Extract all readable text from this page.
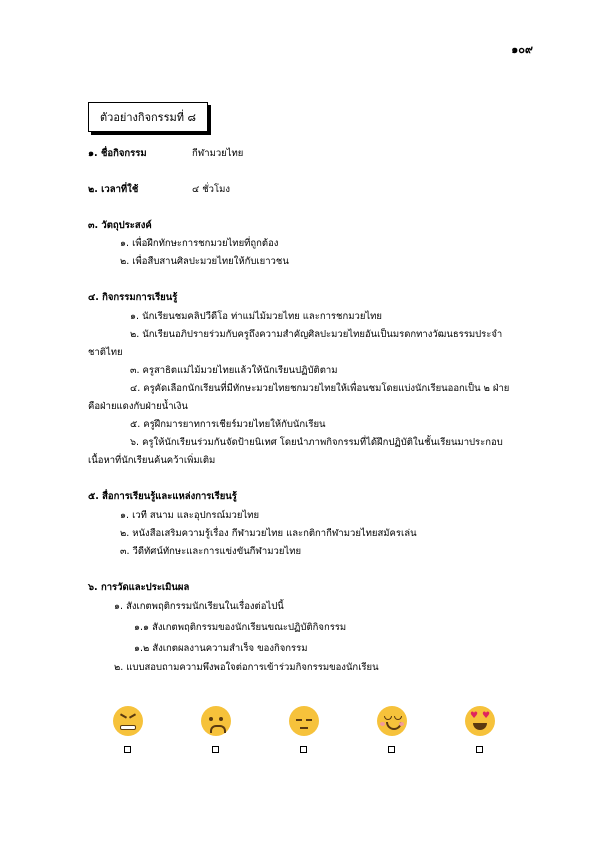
๑๐๙
ตัวอย่างกิจกรรมที่ ๘
๑. ชื่อกิจกรรม	กีฬามวยไทย
๒. เวลาที่ใช้	๔ ชั่วโมง
๓. วัตถุประสงค์
๑. เพื่อฝึกทักษะการชกมวยไทยที่ถูกต้อง
๒. เพื่อสืบสานศิลปะมวยไทยให้กับเยาวชน
๔. กิจกรรมการเรียนรู้
๑. นักเรียนชมคลิปวีดีโอ ท่าแม่ไม้มวยไทย และการชกมวยไทย
๒. นักเรียนอภิปรายร่วมกับครูถึงความสำคัญศิลปะมวยไทยอันเป็นมรดกทางวัฒนธรรมประจำ
ชาติไทย
๓. ครูสาธิตแม่ไม้มวยไทยแล้วให้นักเรียนปฏิบัติตาม
๔. ครูคัดเลือกนักเรียนที่มีทักษะมวยไทยชกมวยไทยให้เพื่อนชมโดยแบ่งนักเรียนออกเป็น ๒ ฝ่าย
คือฝ่ายแดงกับฝ่ายน้ำเงิน
๕. ครูฝึกมารยาทการเชียร์มวยไทยให้กับนักเรียน
๖. ครูให้นักเรียนร่วมกันจัดป้ายนิเทศ โดยนำภาพกิจกรรมที่ได้ฝึกปฏิบัติในชั้นเรียนมาประกอบ
เนื้อหาที่นักเรียนค้นคว้าเพิ่มเติม
๕. สื่อการเรียนรู้และแหล่งการเรียนรู้
๑. เวที สนาม และอุปกรณ์มวยไทย
๒. หนังสือเสริมความรู้เรื่อง กีฬามวยไทย และกติกากีฬามวยไทยสมัครเล่น
๓. วีดีทัศน์ทักษะและการแข่งขันกีฬามวยไทย
๖. การวัดและประเมินผล
๑. สังเกตพฤติกรรมนักเรียนในเรื่องต่อไปนี้
๑.๑ สังเกตพฤติกรรมของนักเรียนขณะปฏิบัติกิจกรรม
๑.๒ สังเกตผลงานความสำเร็จ ของกิจกรรม
๒. แบบสอบถามความพึงพอใจต่อการเข้าร่วมกิจกรรมของนักเรียน
♥ ♥
